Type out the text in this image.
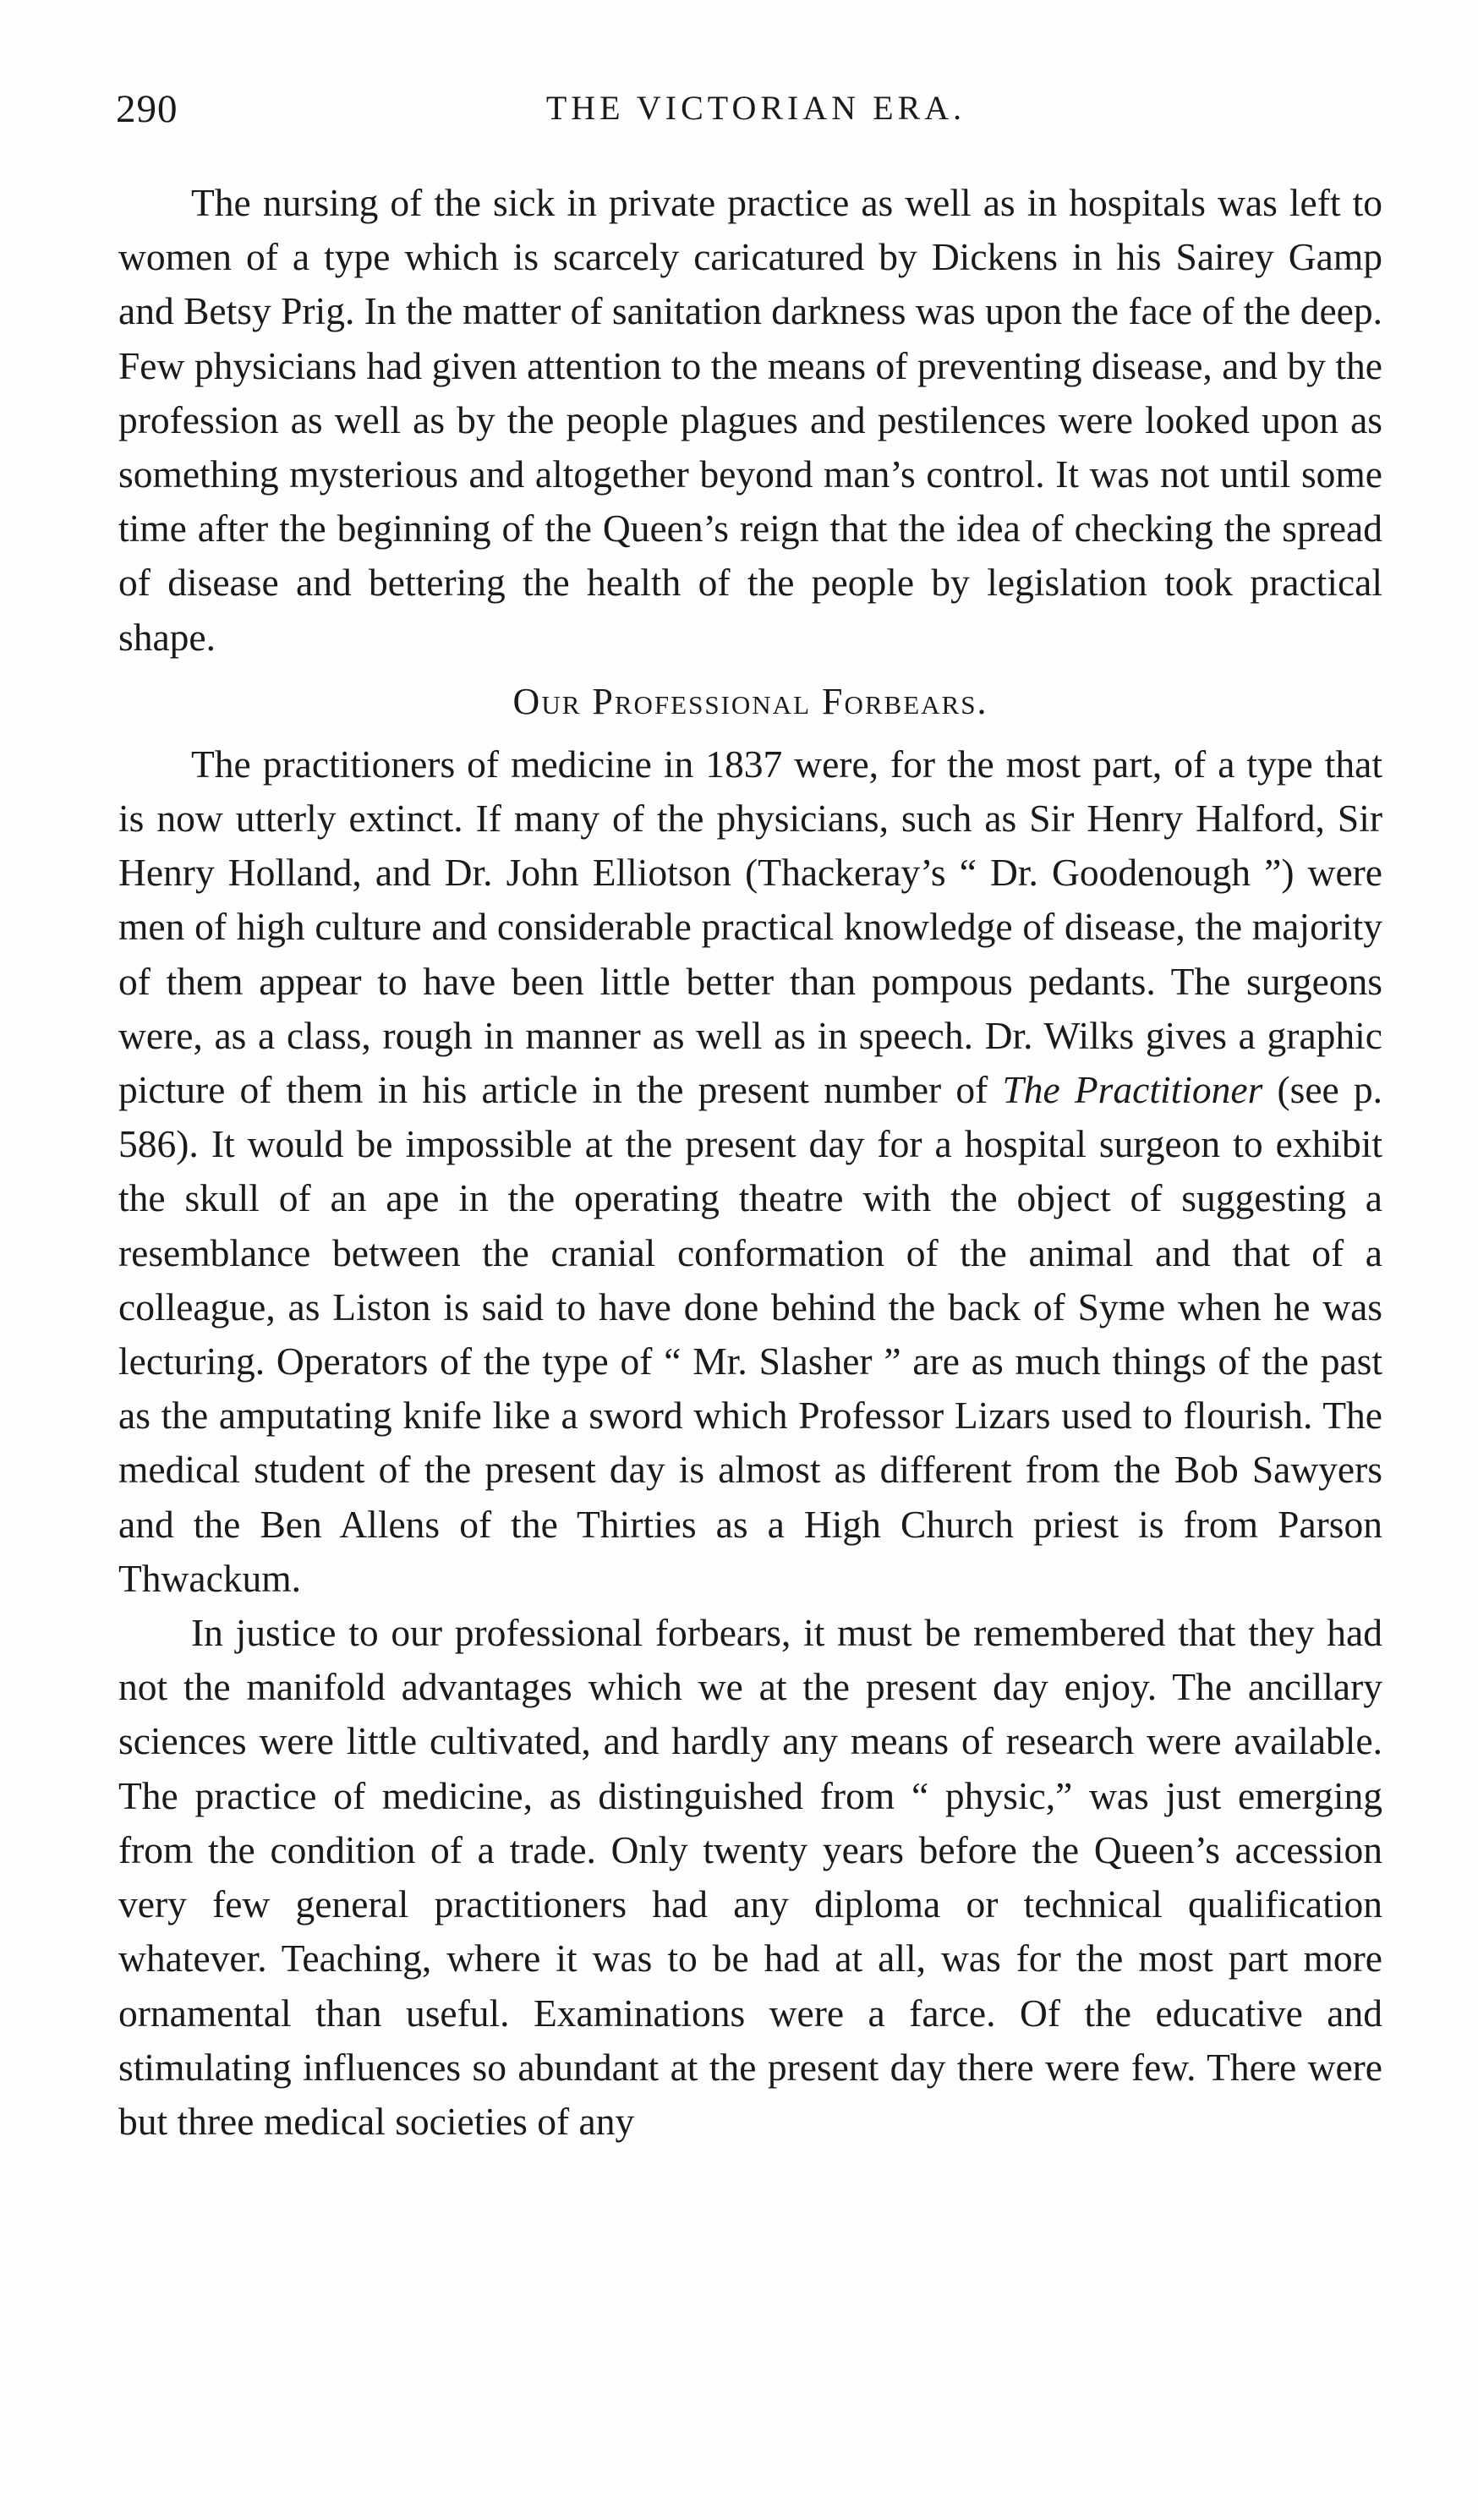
290	THE VICTORIAN ERA.

The nursing of the sick in private practice as well as in hospitals was left to women of a type which is scarcely caricatured by Dickens in his Sairey Gamp and Betsy Prig. In the matter of sanitation darkness was upon the face of the deep. Few physicians had given attention to the means of preventing disease, and by the profession as well as by the people plagues and pestilences were looked upon as something mysterious and altogether beyond man’s control. It was not until some time after the beginning of the Queen’s reign that the idea of checking the spread of disease and bettering the health of the people by legislation took practical shape.

Our Professional Forbears.

The practitioners of medicine in 1837 were, for the most part, of a type that is now utterly extinct. If many of the physicians, such as Sir Henry Halford, Sir Henry Holland, and Dr. John Elliotson (Thackeray’s “ Dr. Goodenough ”) were men of high culture and considerable practical knowledge of disease, the majority of them appear to have been little better than pompous pedants. The surgeons were, as a class, rough in manner as well as in speech. Dr. Wilks gives a graphic picture of them in his article in the present number of The Practitioner (see p. 586). It would be impossible at the present day for a hospital surgeon to exhibit the skull of an ape in the operating theatre with the object of suggesting a resemblance between the cranial conformation of the animal and that of a colleague, as Liston is said to have done behind the back of Syme when he was lecturing. Operators of the type of “ Mr. Slasher ” are as much things of the past as the amputating knife like a sword which Professor Lizars used to flourish. The medical student of the present day is almost as different from the Bob Sawyers and the Ben Allens of the Thirties as a High Church priest is from Parson Thwackum.

In justice to our professional forbears, it must be remembered that they had not the manifold advantages which we at the present day enjoy. The ancillary sciences were little cultivated, and hardly any means of research were available. The practice of medicine, as distinguished from “ physic,” was just emerging from the condition of a trade. Only twenty years before the Queen’s accession very few general practitioners had any diploma or technical qualification whatever. Teaching, where it was to be had at all, was for the most part more ornamental than useful. Examinations were a farce. Of the educative and stimulating influences so abundant at the present day there were few. There were but three medical societies of any
